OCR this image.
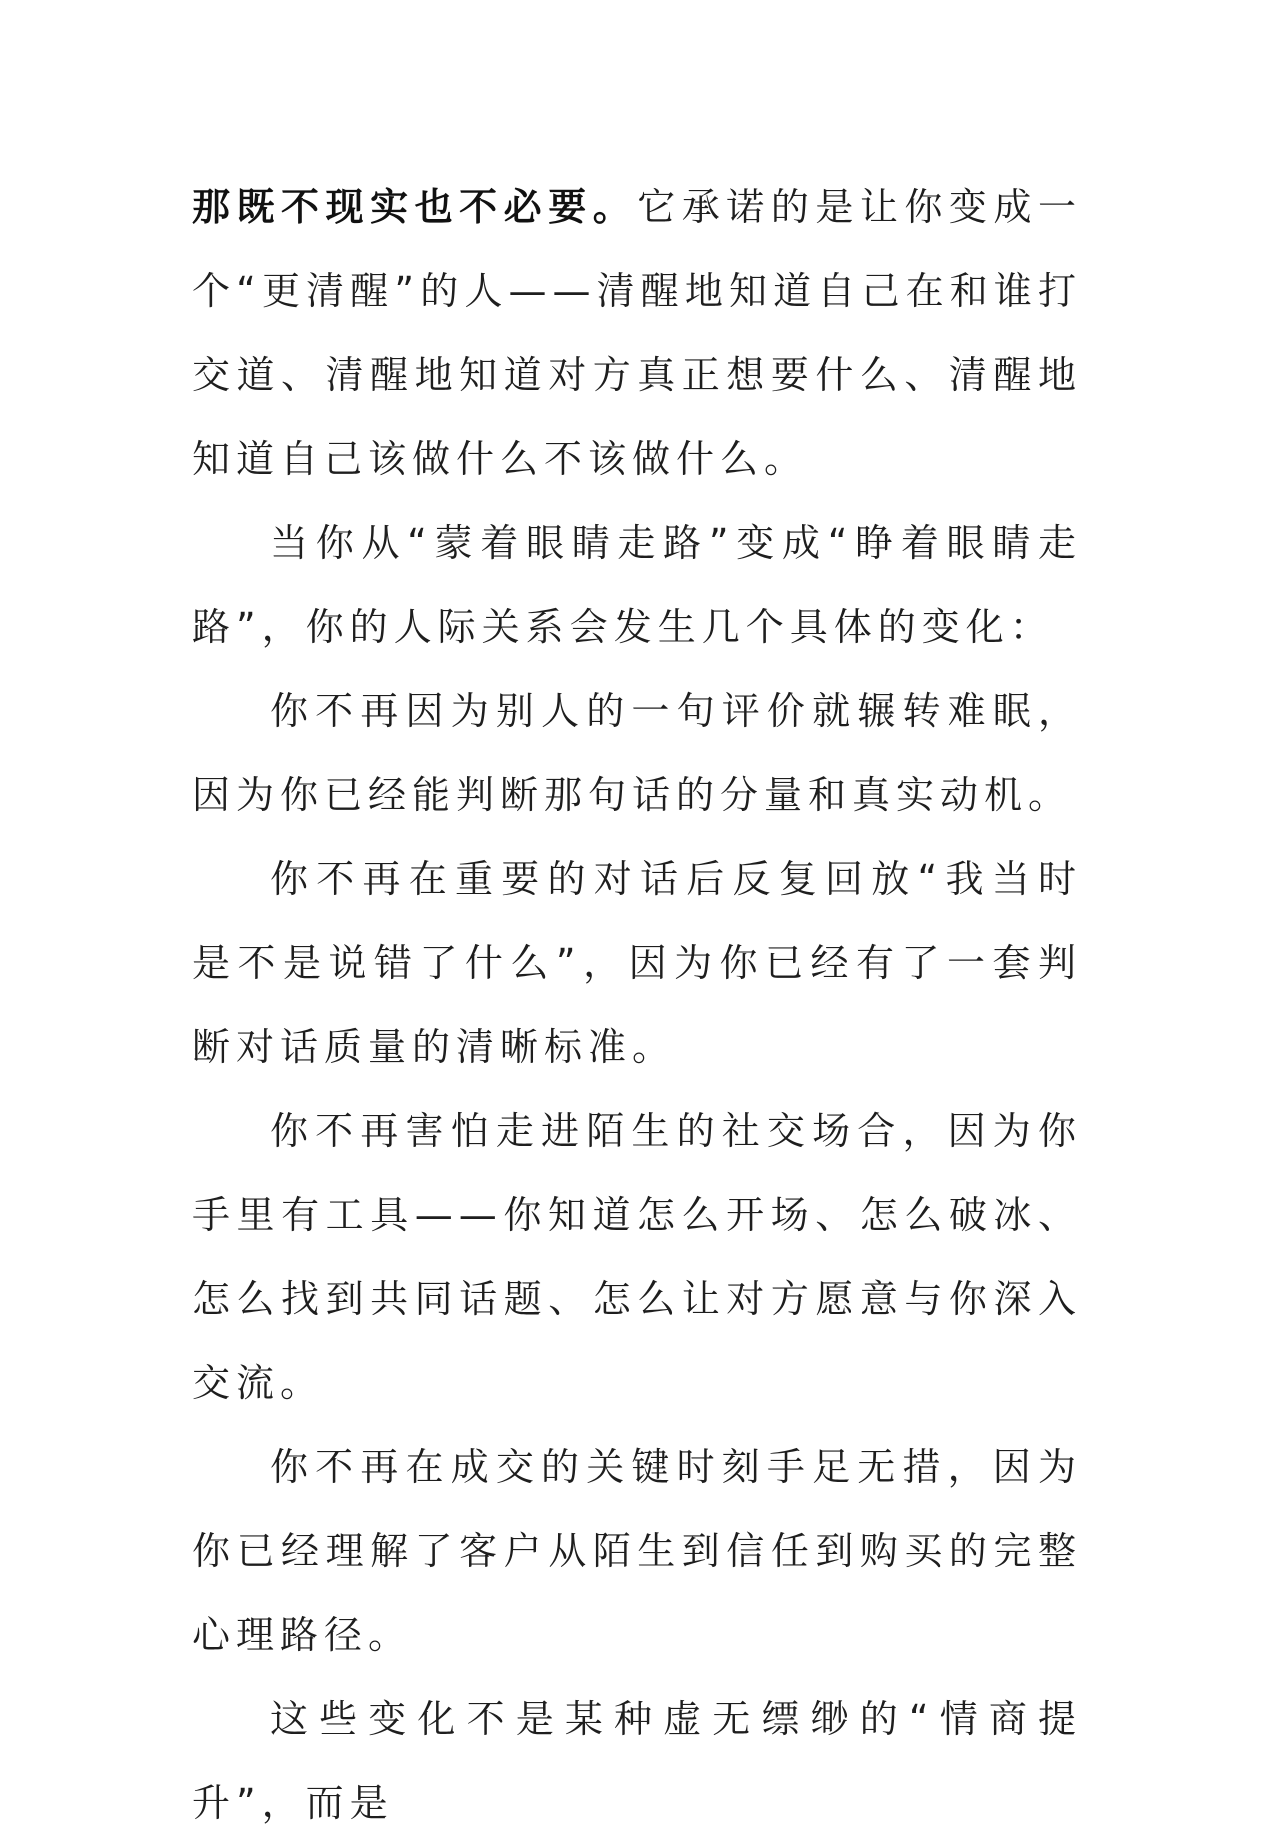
那既不现实也不必要。它承诺的是让你变成一个“更清醒”的人——清醒地知道自己在和谁打交道、清醒地知道对方真正想要什么、清醒地知道自己该做什么不该做什么。

当你从“蒙着眼睛走路”变成“睁着眼睛走路”，你的人际关系会发生几个具体的变化：

你不再因为别人的一句评价就辗转难眠，因为你已经能判断那句话的分量和真实动机。

你不再在重要的对话后反复回放“我当时是不是说错了什么”，因为你已经有了一套判断对话质量的清晰标准。

你不再害怕走进陌生的社交场合，因为你手里有工具——你知道怎么开场、怎么破冰、怎么找到共同话题、怎么让对方愿意与你深入交流。

你不再在成交的关键时刻手足无措，因为你已经理解了客户从陌生到信任到购买的完整心理路径。

这些变化不是某种虚无缥缈的“情商提升”，而是
